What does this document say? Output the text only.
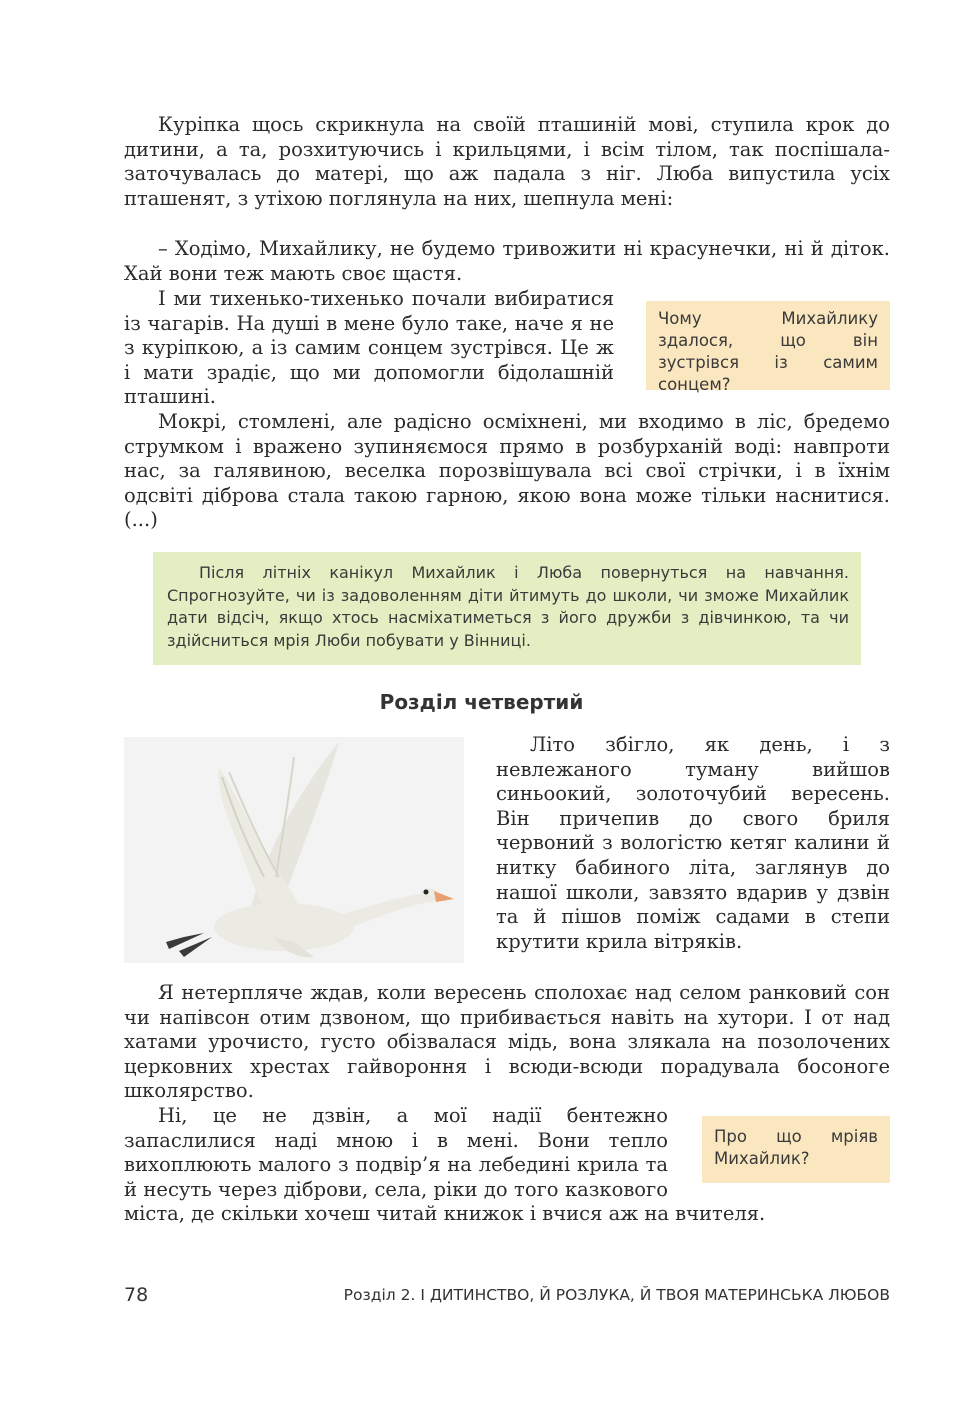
Куріпка щось скрикнула на своїй пташиній мові, ступила крок до дитини, а та, розхитуючись і крильцями, і всім тілом, так поспішала-заточувалась до матері, що аж падала з ніг. Люба випустила усіх пташенят, з утіхою поглянула на них, шепнула мені:

– Ходімо, Михайлику, не будемо тривожити ні красунечки, ні й діток. Хай вони теж мають своє щастя.

І ми тихенько-тихенько почали вибиратися із чагарів. На душі в мене було таке, наче я не з куріпкою, а із самим сонцем зустрівся. Це ж і мати зрадіє, що ми допомогли бідолашній пташині.

Чому Михайлику здалося, що він зустрівся із самим сонцем?

Мокрі, стомлені, але радісно осміхнені, ми входимо в ліс, бредемо струмком і вражено зупиняємося прямо в розбурханій воді: навпроти нас, за галявиною, веселка порозвішувала всі свої стрічки, і в їхнім одсвіті діброва стала такою гарною, якою вона може тільки наснитися. (...)

Після літніх канікул Михайлик і Люба повернуться на навчання. Спрогнозуйте, чи із задоволенням діти йтимуть до школи, чи зможе Михайлик дати відсіч, якщо хтось насміхатиметься з його дружби з дівчинкою, та чи здійсниться мрія Люби побувати у Вінниці.
Розділ четвертий

Літо збігло, як день, і з невлежаного туману вийшов синьоокий, золоточубий вересень. Він причепив до свого бриля червоний з вологістю кетяг калини й нитку бабиного літа, заглянув до нашої школи, завзято вдарив у дзвін та й пішов поміж садами в степи крутити крила вітряків.

Я нетерпляче ждав, коли вересень сполохає над селом ранковий сон чи напівсон отим дзвоном, що прибивається навіть на хутори. І от над хатами урочисто, густо обізвалася мідь, вона злякала на позолочених церковних хрестах гайвороння і всюди-всюди порадувала босоноге школярство.

Ні, це не дзвін, а мої надії бентежно запаслилися наді мною і в мені. Вони тепло вихоплюють малого з подвір’я на лебедині крила та й несуть через діброви, села, ріки до того казкового міста, де скільки хочеш читай книжок і вчися аж на вчителя.

Про що мріяв Михайлик?
78	Розділ 2. І ДИТИНСТВО, Й РОЗЛУКА, Й ТВОЯ МАТЕРИНСЬКА ЛЮБОВ
